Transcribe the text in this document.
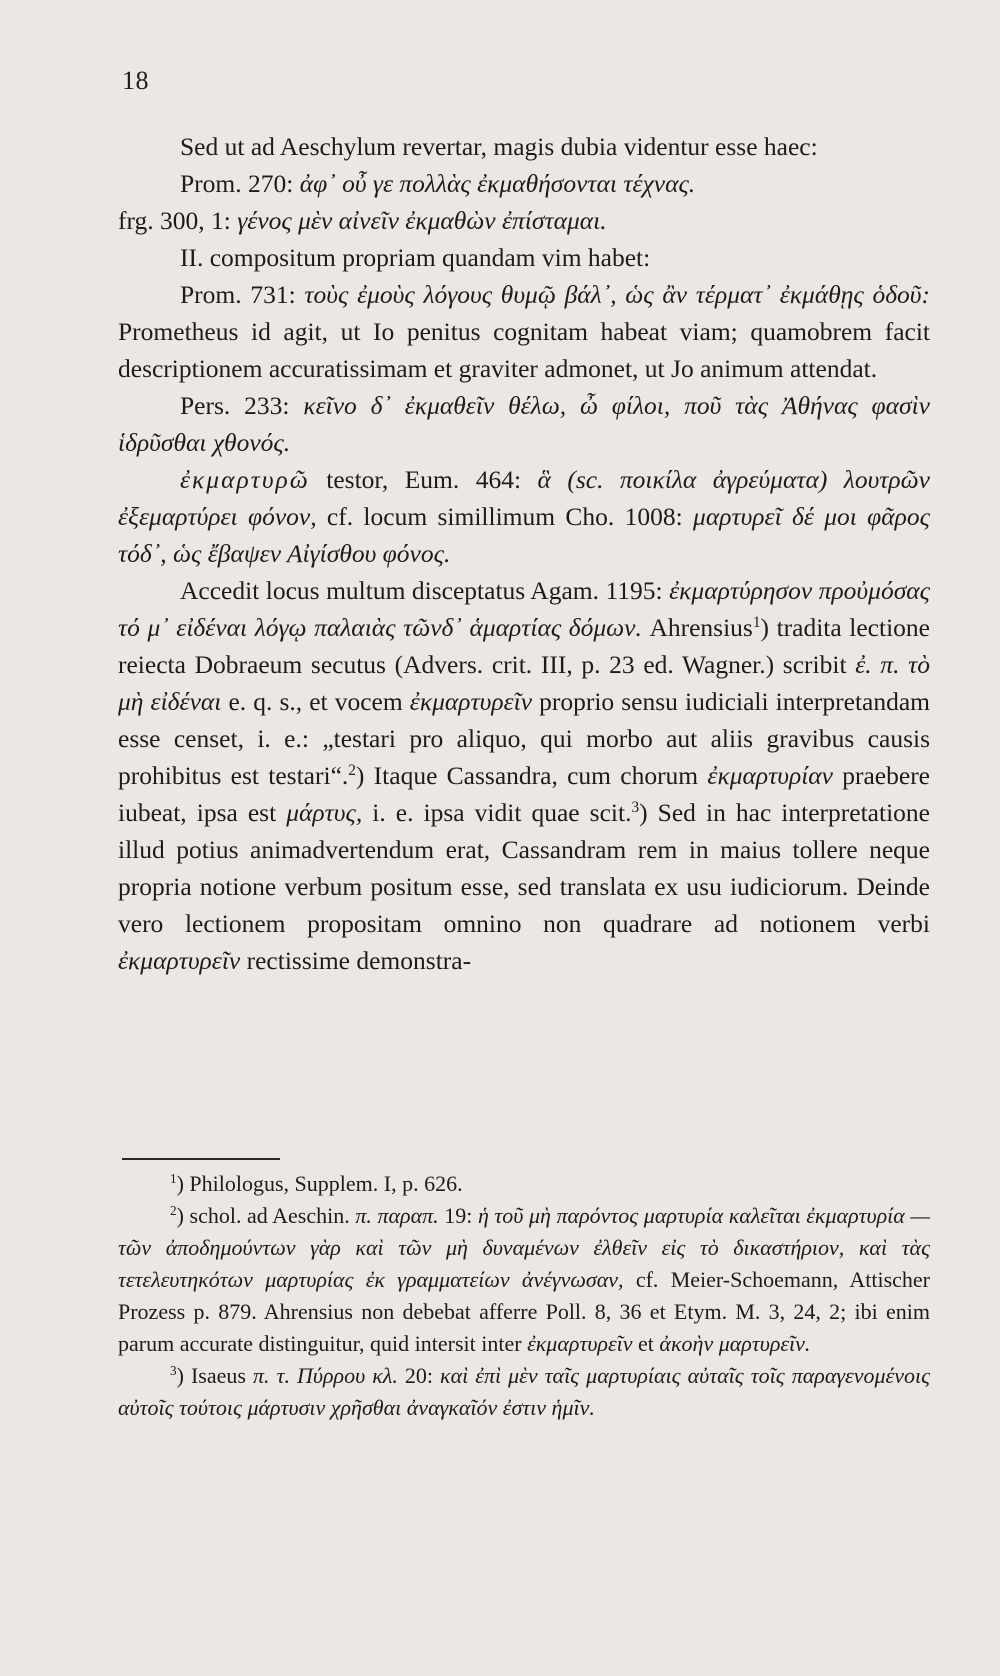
18

Sed ut ad Aeschylum revertar, magis dubia videntur esse haec:

Prom. 270: ἀφ᾽ οὖ γε πολλὰς ἐκμαθήσονται τέχνας.

frg. 300, 1: γένος μὲν αἰνεῖν ἐκμαθὼν ἐπίσταμαι.

II. compositum propriam quandam vim habet:

Prom. 731: τοὺς ἐμοὺς λόγους θυμῷ βάλ᾽, ὡς ἂν τέρματ᾽ ἐκμάθῃς ὁδοῦ: Prometheus id agit, ut Io penitus cognitam habeat viam; quamobrem facit descriptionem accuratissimam et graviter admonet, ut Jo animum attendat.

Pers. 233: κεῖνο δ᾽ ἐκμαθεῖν θέλω, ὦ φίλοι, ποῦ τὰς Ἀθήνας φασὶν ἱδρῦσθαι χθονός.

ἐκμαρτυρῶ testor, Eum. 464: ἃ (sc. ποικίλα ἀγρεύματα) λουτρῶν ἐξεμαρτύρει φόνον, cf. locum simillimum Cho. 1008: μαρτυρεῖ δέ μοι φᾶρος τόδ᾽, ὡς ἔβαψεν Αἰγίσθου φόνος.

Accedit locus multum disceptatus Agam. 1195: ἐκμαρτύρησον προὐμόσας τό μ᾽ εἰδέναι λόγῳ παλαιὰς τῶνδ᾽ ἁμαρτίας δόμων. Ahrensius$^1$) tradita lectione reiecta Dobraeum secutus (Advers. crit. III, p. 23 ed. Wagner.) scribit ἐ. π. τὸ μὴ εἰδέναι e. q. s., et vocem ἐκμαρτυρεῖν proprio sensu iudiciali interpretandam esse censet, i. e.: „testari pro aliquo, qui morbo aut aliis gravibus causis prohibitus est testari“.$^2$) Itaque Cassandra, cum chorum ἐκμαρτυρίαν praebere iubeat, ipsa est μάρτυς, i. e. ipsa vidit quae scit.$^3$) Sed in hac interpretatione illud potius animadvertendum erat, Cassandram rem in maius tollere neque propria notione verbum positum esse, sed translata ex usu iudiciorum. Deinde vero lectionem propositam omnino non quadrare ad notionem verbi ἐκμαρτυρεῖν rectissime demonstra-

$^1$) Philologus, Supplem. I, p. 626.

$^2$) schol. ad Aeschin. π. παραπ. 19: ἡ τοῦ μὴ παρόντος μαρτυρία καλεῖται ἐκμαρτυρία — τῶν ἀποδημούντων γὰρ καὶ τῶν μὴ δυναμένων ἐλθεῖν εἰς τὸ δικαστήριον, καὶ τὰς τετελευτηκότων μαρτυρίας ἐκ γραμματείων ἀνέγνωσαν, cf. Meier-Schoemann, Attischer Prozess p. 879. Ahrensius non debebat afferre Poll. 8, 36 et Etym. M. 3, 24, 2; ibi enim parum accurate distinguitur, quid intersit inter ἐκμαρτυρεῖν et ἀκοὴν μαρτυρεῖν.

$^3$) Isaeus π. τ. Πύρρου κλ. 20: καὶ ἐπὶ μὲν ταῖς μαρτυρίαις αὐταῖς τοῖς παραγενομένοις αὐτοῖς τούτοις μάρτυσιν χρῆσθαι ἀναγκαῖόν ἐστιν ἡμῖν.
